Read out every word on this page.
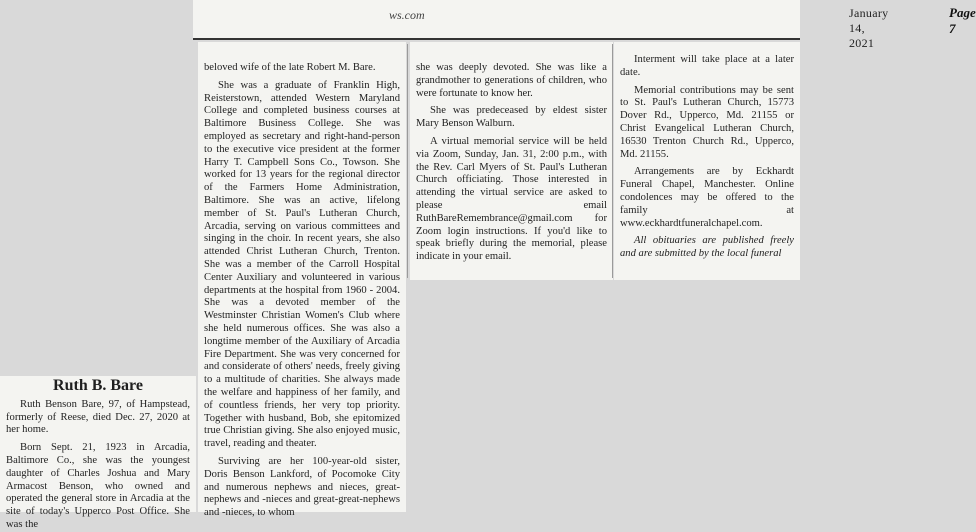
ws.com	January 14, 2021
Page 7
Ruth B. Bare

Ruth Benson Bare, 97, of Hampstead, formerly of Reese, died Dec. 27, 2020 at her home.

Born Sept. 21, 1923 in Arcadia, Baltimore Co., she was the youngest daughter of Charles Joshua and Mary Armacost Benson, who owned and operated the general store in Arcadia at the site of today's Upperco Post Office. She was the

beloved wife of the late Robert M. Bare.

She was a graduate of Franklin High, Reisterstown, attended Western Maryland College and completed business courses at Baltimore Business College. She was employed as secretary and right-hand-person to the executive vice president at the former Harry T. Campbell Sons Co., Towson. She worked for 13 years for the regional director of the Farmers Home Administration, Baltimore. She was an active, lifelong member of St. Paul's Lutheran Church, Arcadia, serving on various committees and singing in the choir. In recent years, she also attended Christ Lutheran Church, Trenton. She was a member of the Carroll Hospital Center Auxiliary and volunteered in various departments at the hospital from 1960 - 2004. She was a devoted member of the Westminster Christian Women's Club where she held numerous offices. She was also a longtime member of the Auxiliary of Arcadia Fire Department. She was very concerned for and considerate of others' needs, freely giving to a multitude of charities. She always made the welfare and happiness of her family, and of countless friends, her very top priority. Together with husband, Bob, she epitomized true Christian giving. She also enjoyed music, travel, reading and theater.

Surviving are her 100-year-old sister, Doris Benson Lankford, of Pocomoke City and numerous nephews and nieces, great-nephews and -nieces and great-great-nephews and -nieces, to whom

she was deeply devoted. She was like a grandmother to generations of children, who were fortunate to know her.

She was predeceased by eldest sister Mary Benson Walburn.

A virtual memorial service will be held via Zoom, Sunday, Jan. 31, 2:00 p.m., with the Rev. Carl Myers of St. Paul's Lutheran Church officiating. Those interested in attending the virtual service are asked to please email RuthBareRemembrance@gmail.com for Zoom login instructions. If you'd like to speak briefly during the memorial, please indicate in your email.

Interment will take place at a later date.

Memorial contributions may be sent to St. Paul's Lutheran Church, 15773 Dover Rd., Upperco, Md. 21155 or Christ Evangelical Lutheran Church, 16530 Trenton Church Rd., Upperco, Md. 21155.

Arrangements are by Eckhardt Funeral Chapel, Manchester. Online condolences may be offered to the family at www.eckhardtfuneralchapel.com.

All obituaries are published freely and are submitted by the local funeral
